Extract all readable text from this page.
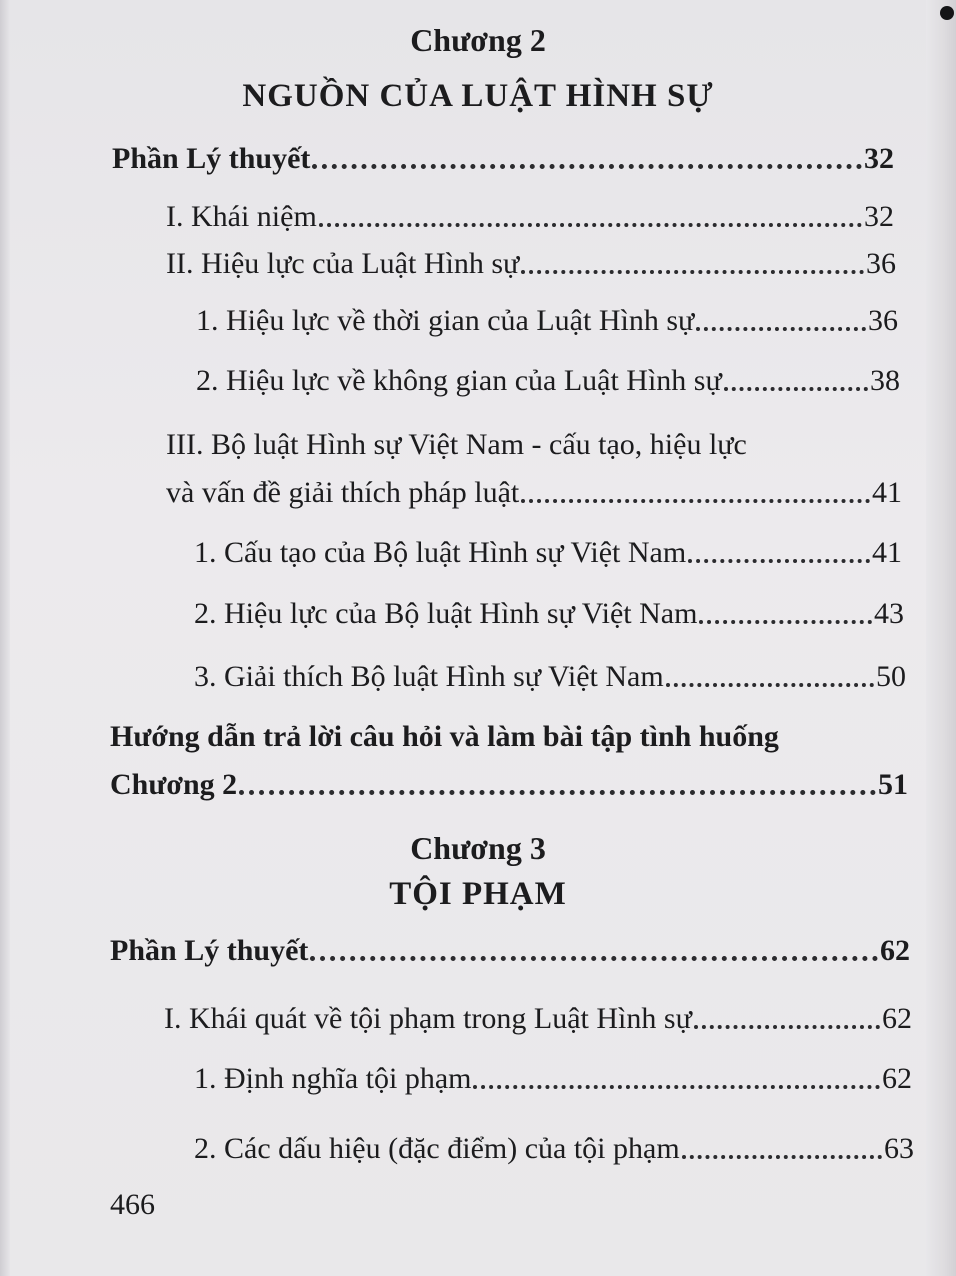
Chương 2
NGUỒN CỦA LUẬT HÌNH SỰ
Phần Lý thuyết	32
I. Khái niệm	32
II. Hiệu lực của Luật Hình sự	36
1. Hiệu lực về thời gian của Luật Hình sự	36
2. Hiệu lực về không gian của Luật Hình sự	38
III. Bộ luật Hình sự Việt Nam - cấu tạo, hiệu lực
và vấn đề giải thích pháp luật	41
1. Cấu tạo của Bộ luật Hình sự Việt Nam	41
2. Hiệu lực của Bộ luật Hình sự Việt Nam	43
3. Giải thích Bộ luật Hình sự Việt Nam	50
Hướng dẫn trả lời câu hỏi và làm bài tập tình huống
Chương 2	51
Chương 3
TỘI PHẠM
Phần Lý thuyết	62
I. Khái quát về tội phạm trong Luật Hình sự	62
1. Định nghĩa tội phạm	62
2. Các dấu hiệu (đặc điểm) của tội phạm	63
466
